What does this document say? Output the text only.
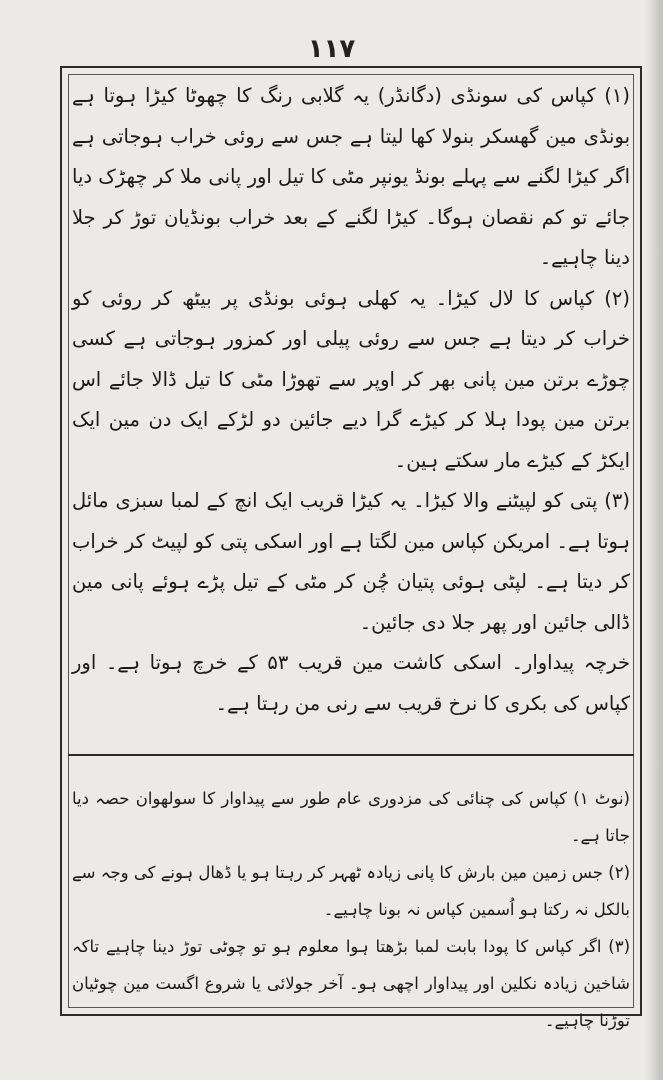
۱۱۷

(۱) کپاس کی سونڈی (دگانڈر) یہ گلابی رنگ کا چھوٹا کیڑا ہوتا ہے بونڈی مین گھسکر بنولا کھا لیتا ہے جس سے روئی خراب ہوجاتی ہے اگر کیڑا لگنے سے پہلے بونڈ یونپر مٹی کا تیل اور پانی ملا کر چھڑک دیا جائے تو کم نقصان ہوگا۔ کیڑا لگنے کے بعد خراب بونڈیان توڑ کر جلا دینا چاہیے۔

(۲) کپاس کا لال کیڑا۔ یہ کھلی ہوئی بونڈی پر بیٹھ کر روئی کو خراب کر دیتا ہے جس سے روئی پیلی اور کمزور ہوجاتی ہے کسی چوڑے برتن مین پانی بھر کر اوپر سے تھوڑا مٹی کا تیل ڈالا جائے اس برتن مین پودا ہلا کر کیڑے گرا دیے جائین دو لڑکے ایک دن مین ایک ایکڑ کے کیڑے مار سکتے ہین۔

(۳) پتی کو لپیٹنے والا کیڑا۔ یہ کیڑا قریب ایک انچ کے لمبا سبزی مائل ہوتا ہے۔ امریکن کپاس مین لگتا ہے اور اسکی پتی کو لپیٹ کر خراب کر دیتا ہے۔ لپٹی ہوئی پتیان چُن کر مٹی کے تیل پڑے ہوئے پانی مین ڈالی جائین اور پھر جلا دی جائین۔

خرچہ پیداوار۔ اسکی کاشت مین قریب ۵۳ کے خرچ ہوتا ہے۔ اور کپاس کی بکری کا نرخ قریب سے رنی من رہتا ہے۔

(نوٹ ۱) کپاس کی چنائی کی مزدوری عام طور سے پیداوار کا سولھوان حصہ دیا جاتا ہے۔

(۲) جس زمین مین بارش کا پانی زیادہ ٹھہر کر رہتا ہو یا ڈھال ہونے کی وجہ سے بالکل نہ رکتا ہو اُسمین کپاس نہ بونا چاہیے۔

(۳) اگر کپاس کا پودا بابت لمبا بڑھتا ہوا معلوم ہو تو چوٹی توڑ دینا چاہیے تاکہ شاخین زیادہ نکلین اور پیداوار اچھی ہو۔ آخر جولائی یا شروع اگست مین چوٹیان توڑنا چاہیے۔
